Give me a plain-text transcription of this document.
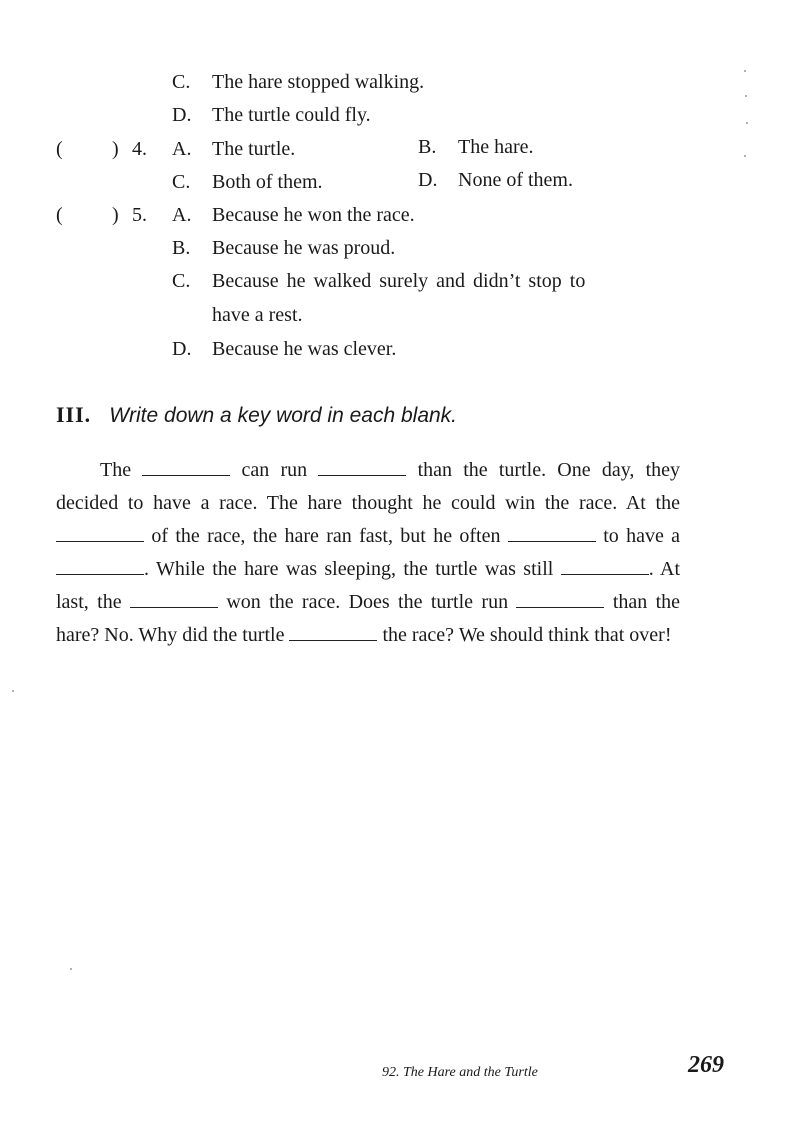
C. The hare stopped walking.
D. The turtle could fly.
( ) 4. A. The turtle.	B. The hare.
C. Both of them.	D. None of them.
( ) 5. A. Because he won the race.
B. Because he was proud.
C. Because he walked surely and didn’t stop to
have a rest.
D. Because he was clever.
III. Write down a key word in each blank.
The	can run	than the turtle. One day, they decided to have a race. The hare thought he could win the race. At the  of the race, the hare ran fast, but he often	to have a . While the hare was sleeping, the turtle was still	. At last, the	won the race. Does the turtle run	than the hare? No. Why did the turtle	the race? We should think that over!
92. The Hare and the Turtle	269
